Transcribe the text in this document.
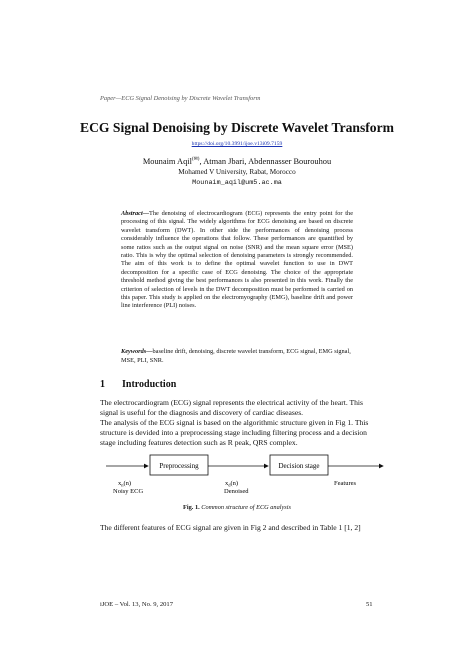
Paper—ECG Signal Denoising by Discrete Wavelet Transform
ECG Signal Denoising by Discrete Wavelet Transform
https://doi.org/10.3991/ijoe.v13i09.7159
Mounaim Aqil(✉), Atman Jbari, Abdennasser Bourouhou
Mohamed V University, Rabat, Morocco
Mounaim_aqil@um5.ac.ma
Abstract—The denoising of electrocardiogram (ECG) represents the entry point for the processing of this signal. The widely algorithms for ECG denoising are based on discrete wavelet transform (DWT). In other side the performances of denoising process considerably influence the operations that follow. These performances are quantified by some ratios such as the output signal on noise (SNR) and the mean square error (MSE) ratio. This is why the optimal selection of denoising parameters is strongly recommended. The aim of this work is to define the optimal wavelet function to use in DWT decomposition for a specific case of ECG denoising. The choice of the appropriate threshold method giving the best performances is also presented in this work. Finally the criterion of selection of levels in the DWT decomposition must be performed is carried on this paper. This study is applied on the electromyography (EMG), baseline drift and power line interference (PLI) noises.
Keywords—baseline drift, denoising, discrete wavelet transform, ECG signal, EMG signal, MSE, PLI, SNR.
1 Introduction
The electrocardiogram (ECG) signal represents the electrical activity of the heart. This signal is useful for the diagnosis and discovery of cardiac diseases.
The analysis of the ECG signal is based on the algorithmic structure given in Fig 1. This structure is devided into a preprocessing stage including filtering process and a decision stage including features detection such as R peak, QRS complex.
Preprocessing	Decision stage
$x_n(n)$
Noisy ECG
$x_d(n)$
Denoised
Features
Fig. 1. Common structure of ECG analysis
The different features of ECG signal are given in Fig 2 and described in Table 1 [1, 2]
iJOE ‒ Vol. 13, No. 9, 2017	51
